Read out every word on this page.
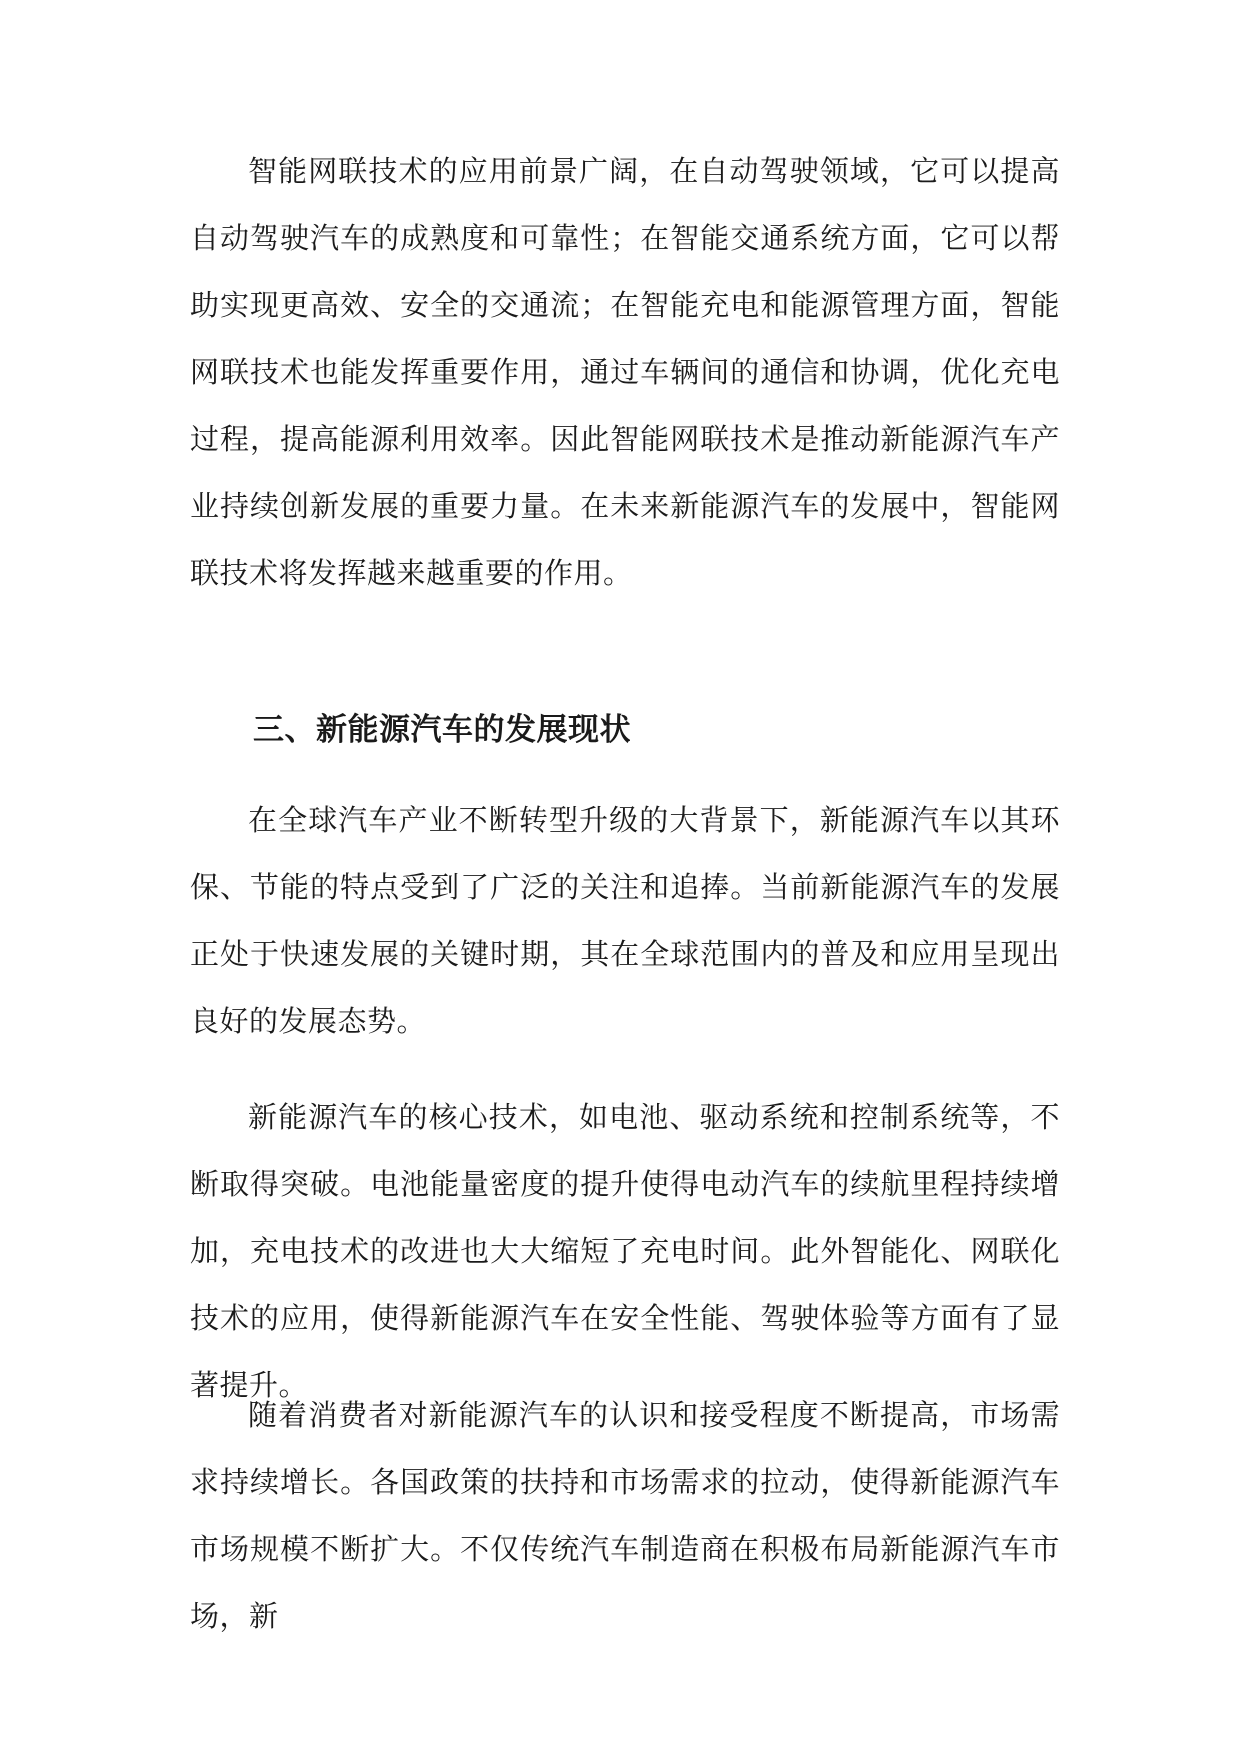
智能网联技术的应用前景广阔，在自动驾驶领域，它可以提高自动驾驶汽车的成熟度和可靠性；在智能交通系统方面，它可以帮助实现更高效、安全的交通流；在智能充电和能源管理方面，智能网联技术也能发挥重要作用，通过车辆间的通信和协调，优化充电过程，提高能源利用效率。因此智能网联技术是推动新能源汽车产业持续创新发展的重要力量。在未来新能源汽车的发展中，智能网联技术将发挥越来越重要的作用。

三、新能源汽车的发展现状

在全球汽车产业不断转型升级的大背景下，新能源汽车以其环保、节能的特点受到了广泛的关注和追捧。当前新能源汽车的发展正处于快速发展的关键时期，其在全球范围内的普及和应用呈现出良好的发展态势。

新能源汽车的核心技术，如电池、驱动系统和控制系统等，不断取得突破。电池能量密度的提升使得电动汽车的续航里程持续增加，充电技术的改进也大大缩短了充电时间。此外智能化、网联化技术的应用，使得新能源汽车在安全性能、驾驶体验等方面有了显著提升。

随着消费者对新能源汽车的认识和接受程度不断提高，市场需求持续增长。各国政策的扶持和市场需求的拉动，使得新能源汽车市场规模不断扩大。不仅传统汽车制造商在积极布局新能源汽车市场，新
